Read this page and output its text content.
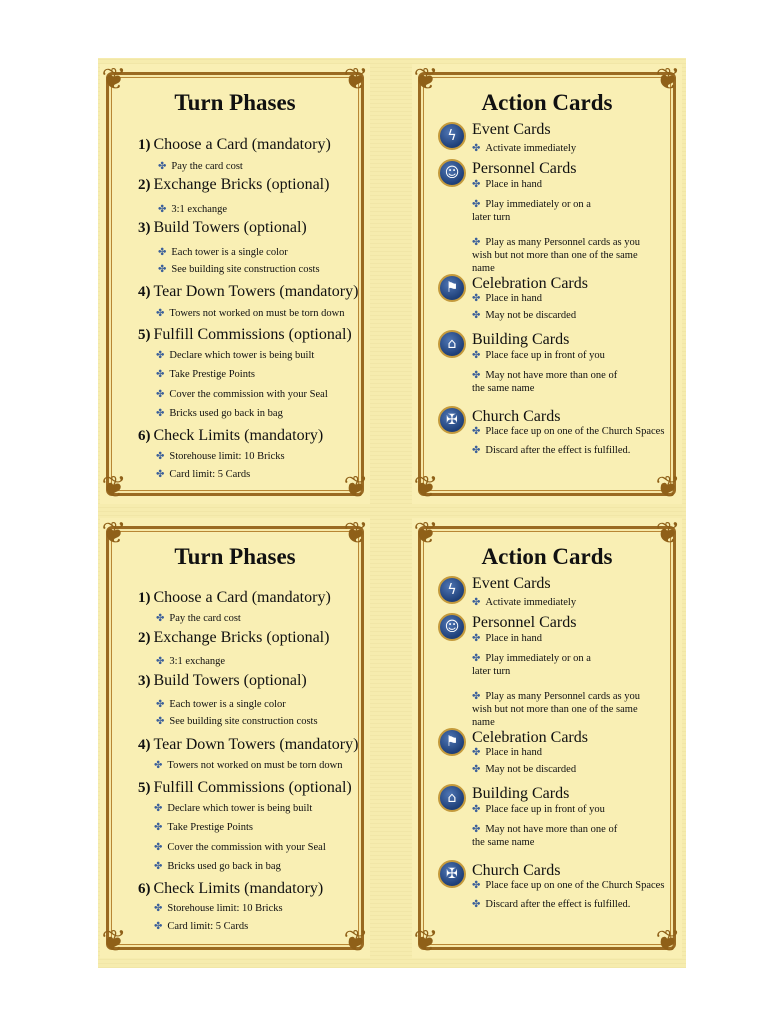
❦	❦
❦	❦
Turn Phases
1) Choose a Card (mandatory)
✤ Pay the card cost
2) Exchange Bricks (optional)
✤ 3:1 exchange
3) Build Towers (optional)
✤ Each tower is a single color
✤ See building site construction costs
4) Tear Down Towers (mandatory)
✤ Towers not worked on must be torn down
5) Fulfill Commissions (optional)
✤ Declare which tower is being built
✤ Take Prestige Points
✤ Cover the commission with your Seal
✤ Bricks used go back in bag
6) Check Limits (mandatory)
✤ Storehouse limit: 10 Bricks
✤ Card limit: 5 Cards
❦	❦
❦	❦
Action Cards
ϟ Event Cards
✤ Activate immediately
☺ Personnel Cards
✤ Place in hand
✤ Play immediately or on a later turn
✤ Play as many Personnel cards as you wish but not more than one of the same name
⚑ Celebration Cards
✤ Place in hand
✤ May not be discarded
⌂ Building Cards
✤ Place face up in front of you
✤ May not have more than one of the same name
✠ Church Cards
✤ Place face up on one of the Church Spaces
✤ Discard after the effect is fulfilled.
❦	❦
❦	❦
Turn Phases
1) Choose a Card (mandatory)
✤ Pay the card cost
2) Exchange Bricks (optional)
✤ 3:1 exchange
3) Build Towers (optional)
✤ Each tower is a single color
✤ See building site construction costs
4) Tear Down Towers (mandatory)
✤ Towers not worked on must be torn down
5) Fulfill Commissions (optional)
✤ Declare which tower is being built
✤ Take Prestige Points
✤ Cover the commission with your Seal
✤ Bricks used go back in bag
6) Check Limits (mandatory)
✤ Storehouse limit: 10 Bricks
✤ Card limit: 5 Cards
❦	❦
❦	❦
Action Cards
ϟ Event Cards
✤ Activate immediately
☺ Personnel Cards
✤ Place in hand
✤ Play immediately or on a later turn
✤ Play as many Personnel cards as you wish but not more than one of the same name
⚑ Celebration Cards
✤ Place in hand
✤ May not be discarded
⌂ Building Cards
✤ Place face up in front of you
✤ May not have more than one of the same name
✠ Church Cards
✤ Place face up on one of the Church Spaces
✤ Discard after the effect is fulfilled.
